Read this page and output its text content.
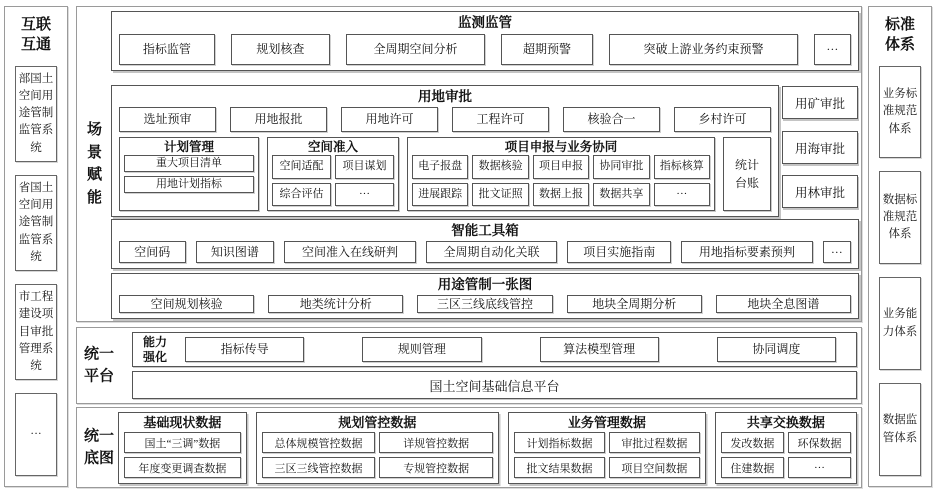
互联互通
部国土空间用途管制监管系统
省国土空间用途管制监管系统
市工程建设项目审批管理系统
···
场景赋能
监测监管
指标监管	规划核查	全周期空间分析	超期预警	突破上游业务约束预警	···
用地审批
选址预审	用地报批	用地许可	工程许可	核验合一	乡村许可
计划管理
重大项目清单
用地计划指标
空间准入
空间适配	项目谋划
综合评估	···
项目申报与业务协同
电子报盘	数据核验	项目申报	协同审批	指标核算
进展跟踪	批文证照	数据上报	数据共享	···
统计台账
用矿审批
用海审批
用林审批
智能工具箱
空间码	知识图谱	空间准入在线研判	全周期自动化关联	项目实施指南	用地指标要素预判	···
用途管制一张图
空间规划核验	地类统计分析	三区三线底线管控	地块全周期分析	地块全息图谱
统一平台
能力强化
指标传导	规则管理	算法模型管理	协同调度
国土空间基础信息平台
统一底图
基础现状数据
国土“三调”数据
年度变更调查数据
规划管控数据
总体规模管控数据	详规管控数据
三区三线管控数据	专规管控数据
业务管理数据
计划指标数据	审批过程数据
批文结果数据	项目空间数据
共享交换数据
发改数据	环保数据
住建数据	···
标准体系
业务标准规范体系
数据标准规范体系
业务能力体系
数据监管体系
